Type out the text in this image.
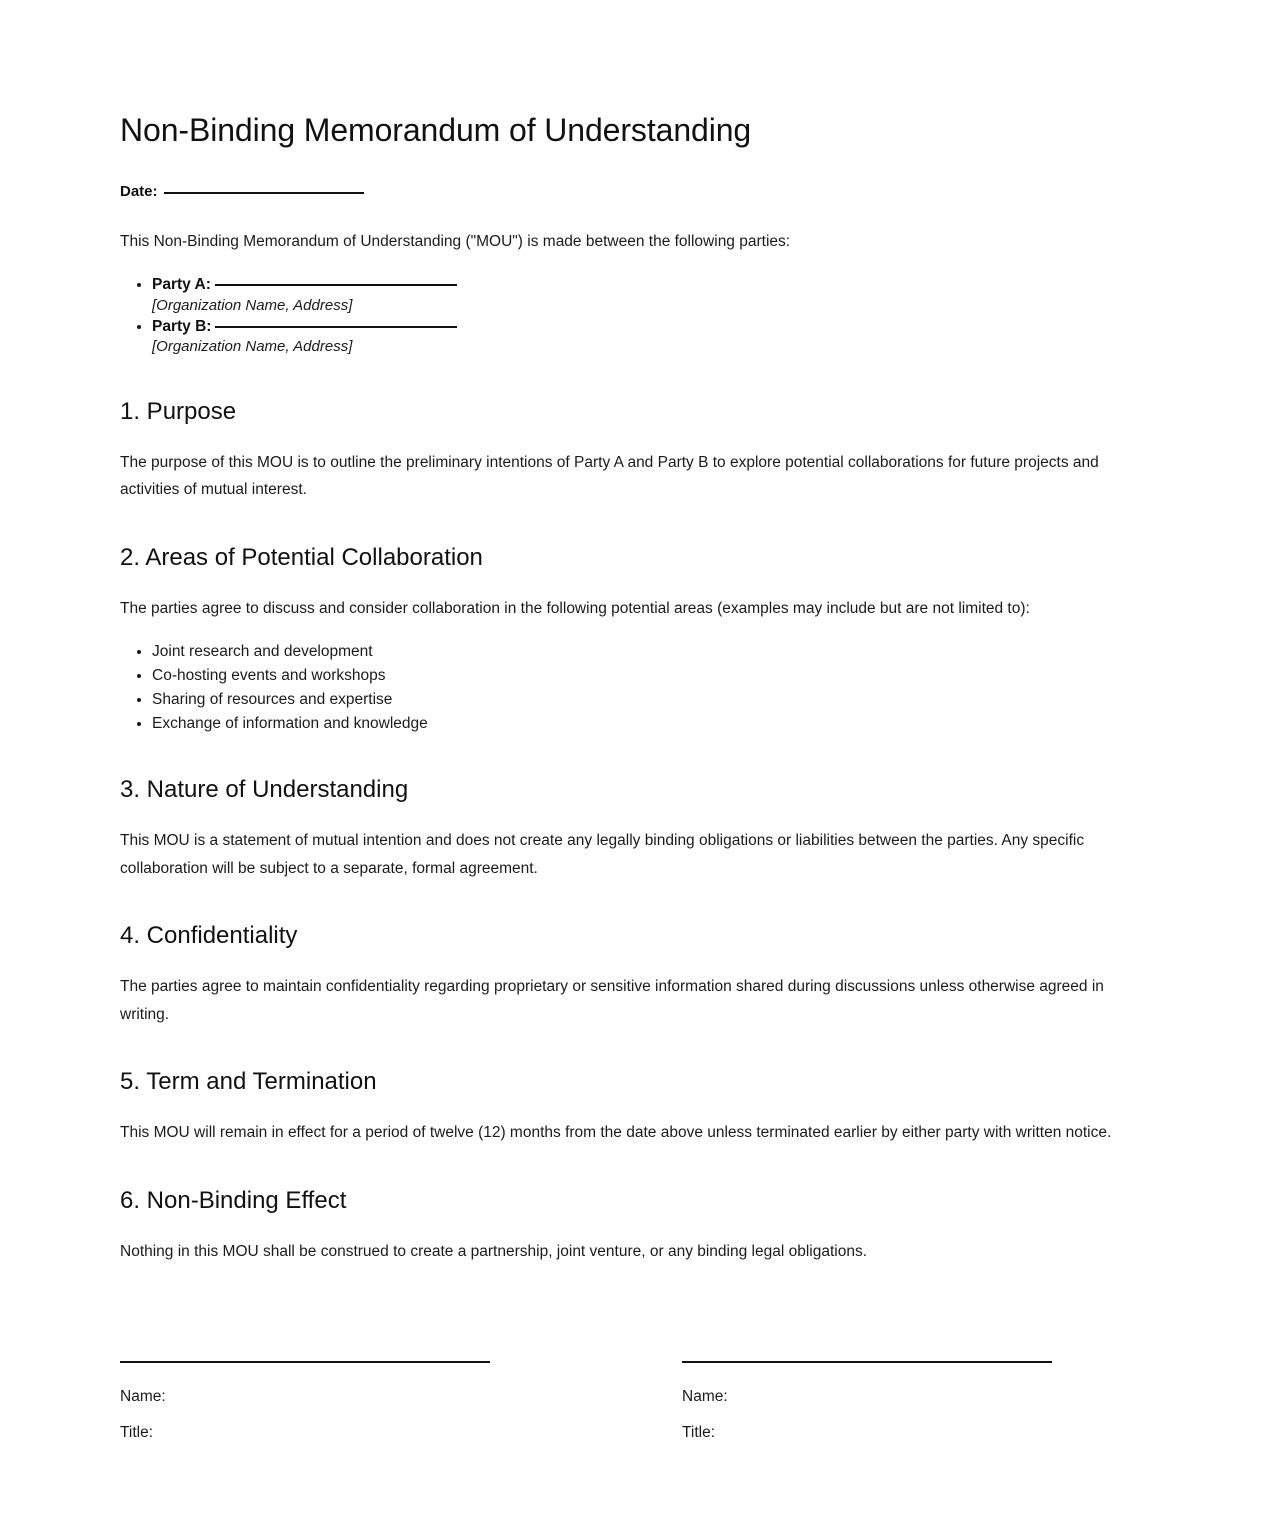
Non-Binding Memorandum of Understanding
Date:

This Non-Binding Memorandum of Understanding ("MOU") is made between the following parties:

• Party A:
[Organization Name, Address]
• Party B:
[Organization Name, Address]
1. Purpose

The purpose of this MOU is to outline the preliminary intentions of Party A and Party B to explore potential collaborations for future projects and activities of mutual interest.

2. Areas of Potential Collaboration

The parties agree to discuss and consider collaboration in the following potential areas (examples may include but are not limited to):

• Joint research and development
• Co-hosting events and workshops
• Sharing of resources and expertise
• Exchange of information and knowledge
3. Nature of Understanding

This MOU is a statement of mutual intention and does not create any legally binding obligations or liabilities between the parties. Any specific collaboration will be subject to a separate, formal agreement.

4. Confidentiality

The parties agree to maintain confidentiality regarding proprietary or sensitive information shared during discussions unless otherwise agreed in writing.

5. Term and Termination

This MOU will remain in effect for a period of twelve (12) months from the date above unless terminated earlier by either party with written notice.

6. Non-Binding Effect

Nothing in this MOU shall be construed to create a partnership, joint venture, or any binding legal obligations.

Name:
Title:
Name:
Title:
